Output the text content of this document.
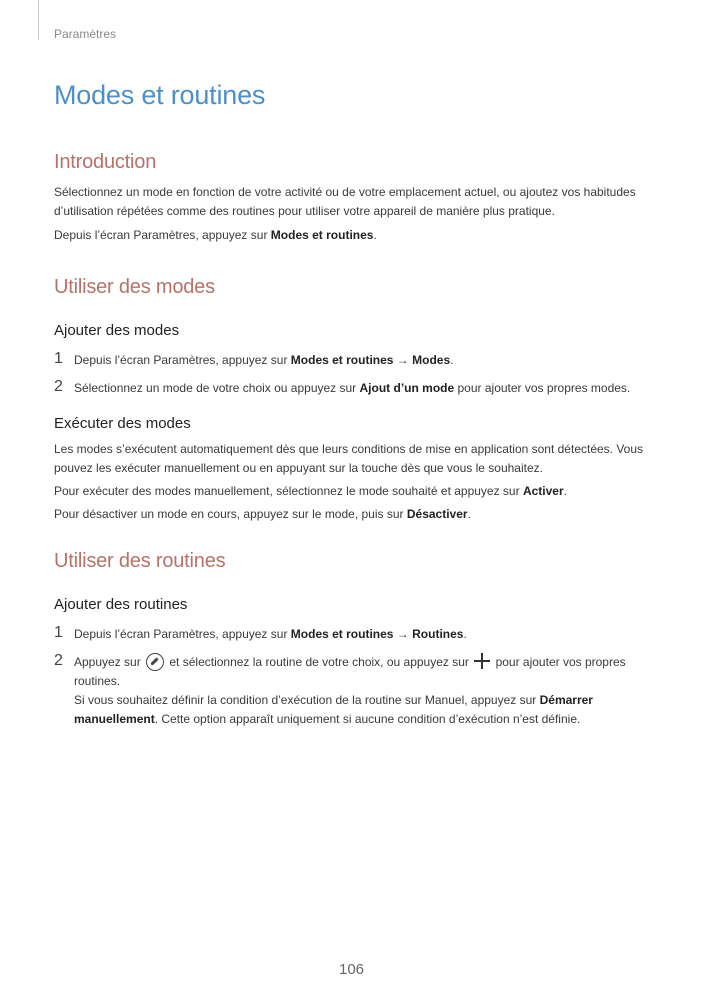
Paramètres
Modes et routines
Introduction

Sélectionnez un mode en fonction de votre activité ou de votre emplacement actuel, ou ajoutez vos habitudes d’utilisation répétées comme des routines pour utiliser votre appareil de manière plus pratique.

Depuis l’écran Paramètres, appuyez sur Modes et routines.

Utiliser des modes
Ajouter des modes
1 Depuis l’écran Paramètres, appuyez sur Modes et routines → Modes.
2 Sélectionnez un mode de votre choix ou appuyez sur Ajout d’un mode pour ajouter vos propres modes.
Exécuter des modes

Les modes s’exécutent automatiquement dès que leurs conditions de mise en application sont détectées. Vous pouvez les exécuter manuellement ou en appuyant sur la touche dès que vous le souhaitez.

Pour exécuter des modes manuellement, sélectionnez le mode souhaité et appuyez sur Activer.

Pour désactiver un mode en cours, appuyez sur le mode, puis sur Désactiver.

Utiliser des routines
Ajouter des routines
1 Depuis l’écran Paramètres, appuyez sur Modes et routines → Routines.
2 Appuyez sur  et sélectionnez la routine de votre choix, ou appuyez sur  pour ajouter vos propres routines.
Si vous souhaitez définir la condition d’exécution de la routine sur Manuel, appuyez sur Démarrer manuellement. Cette option apparaît uniquement si aucune condition d’exécution n’est définie.
106
